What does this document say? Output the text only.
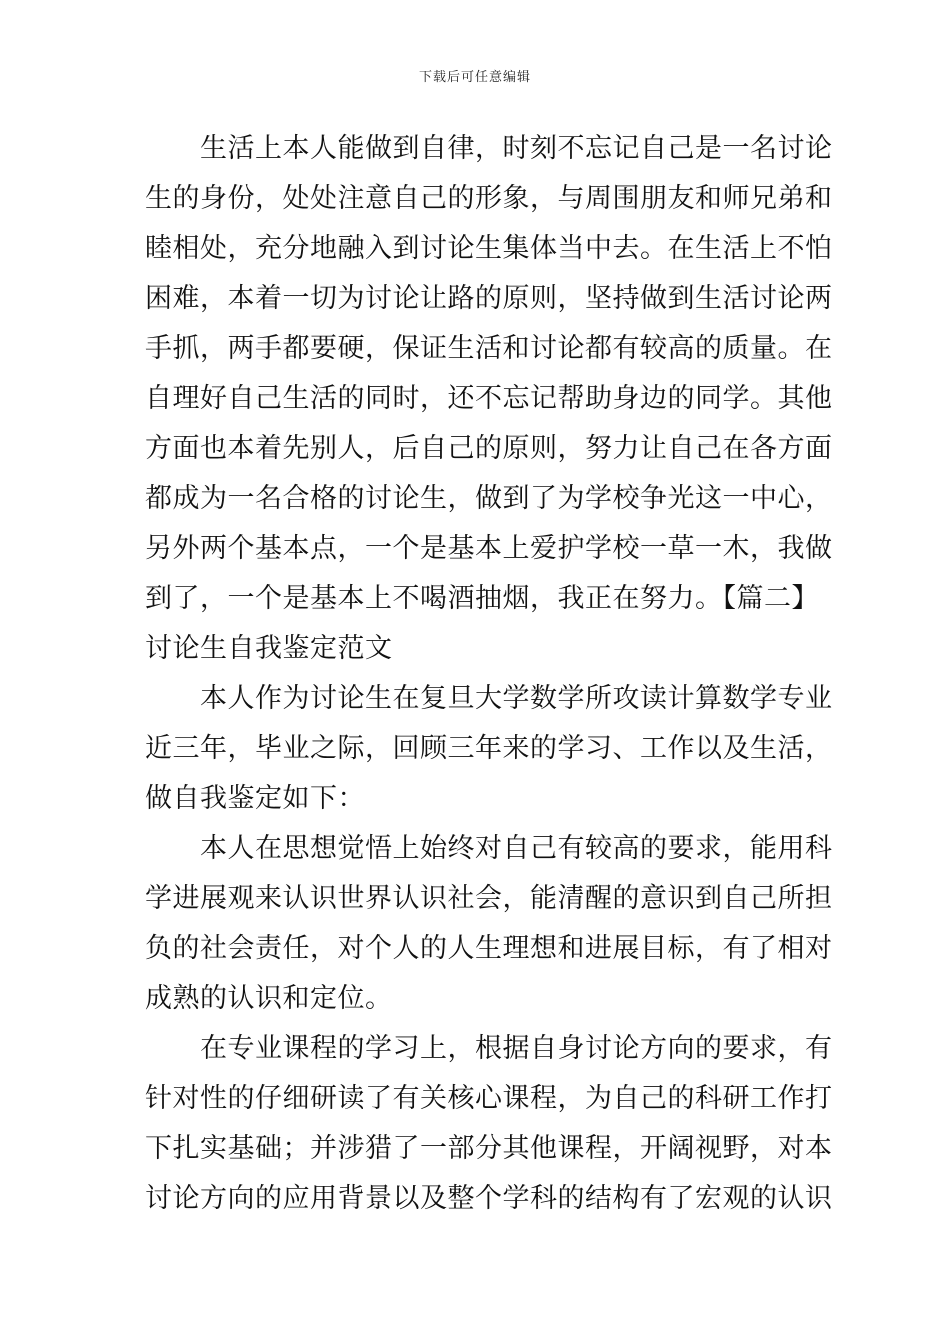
下载后可任意编辑
　　生活上本人能做到自律，时刻不忘记自己是一名讨论
生的身份，处处注意自己的形象，与周围朋友和师兄弟和
睦相处，充分地融入到讨论生集体当中去。在生活上不怕
困难，本着一切为讨论让路的原则，坚持做到生活讨论两
手抓，两手都要硬，保证生活和讨论都有较高的质量。在
自理好自己生活的同时，还不忘记帮助身边的同学。其他
方面也本着先别人，后自己的原则，努力让自己在各方面
都成为一名合格的讨论生，做到了为学校争光这一中心，
另外两个基本点，一个是基本上爱护学校一草一木，我做
到了，一个是基本上不喝酒抽烟，我正在努力。【篇二】
讨论生自我鉴定范文
　　本人作为讨论生在复旦大学数学所攻读计算数学专业
近三年，毕业之际，回顾三年来的学习、工作以及生活，
做自我鉴定如下：
　　本人在思想觉悟上始终对自己有较高的要求，能用科
学进展观来认识世界认识社会，能清醒的意识到自己所担
负的社会责任，对个人的人生理想和进展目标，有了相对
成熟的认识和定位。
　　在专业课程的学习上，根据自身讨论方向的要求，有
针对性的仔细研读了有关核心课程，为自己的科研工作打
下扎实基础；并涉猎了一部分其他课程，开阔视野，对本
讨论方向的应用背景以及整个学科的结构有了宏观的认识
